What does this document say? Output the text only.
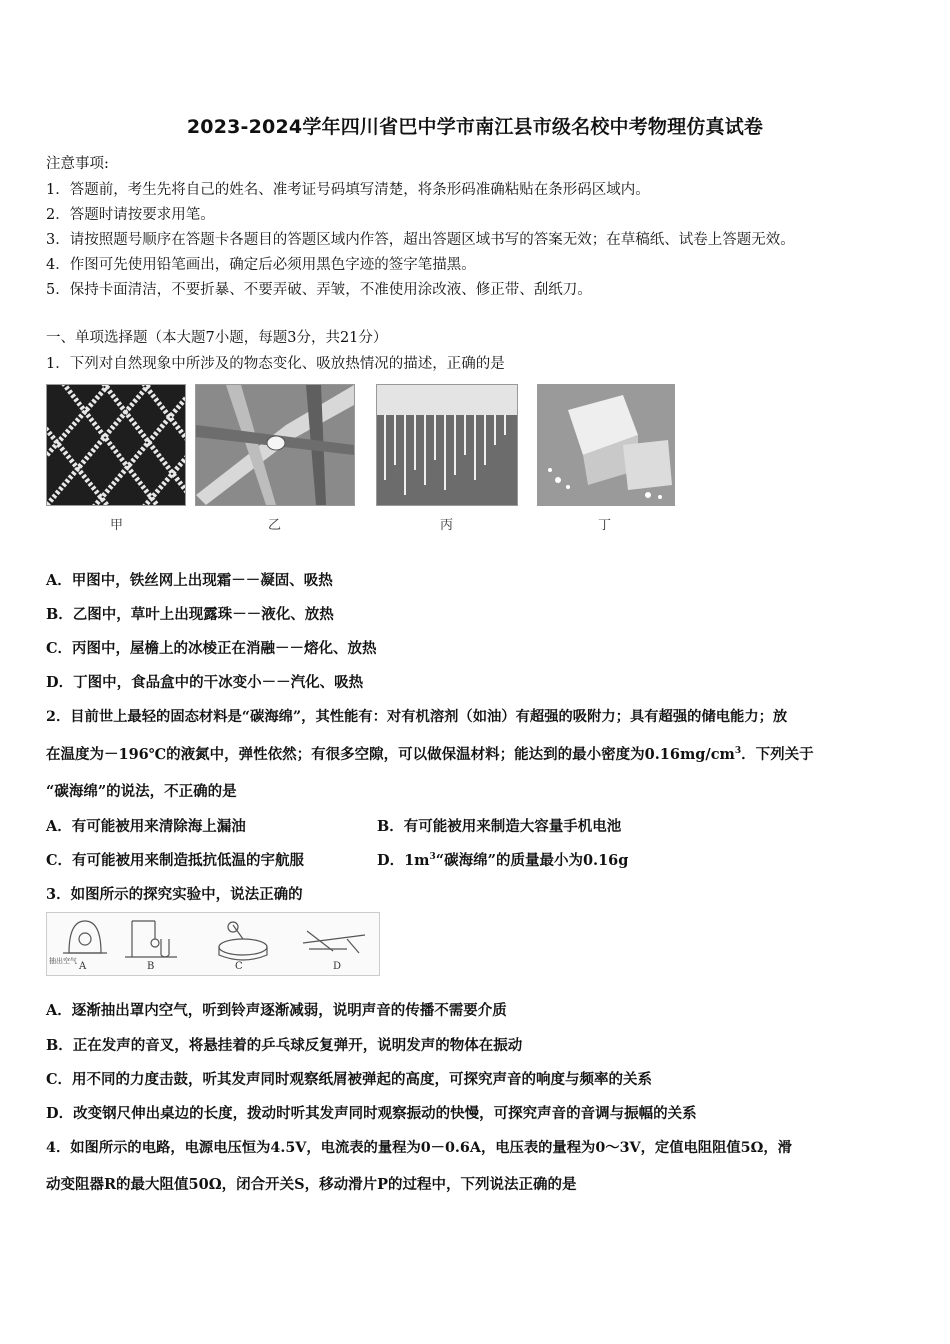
2023-2024学年四川省巴中学市南江县市级名校中考物理仿真试卷
注意事项:
1．答题前，考生先将自己的姓名、准考证号码填写清楚，将条形码准确粘贴在条形码区域内。
2．答题时请按要求用笔。
3．请按照题号顺序在答题卡各题目的答题区域内作答，超出答题区域书写的答案无效；在草稿纸、试卷上答题无效。
4．作图可先使用铅笔画出，确定后必须用黑色字迹的签字笔描黑。
5．保持卡面清洁，不要折暴、不要弄破、弄皱，不准使用涂改液、修正带、刮纸刀。
一、单项选择题（本大题7小题，每题3分，共21分）
1．下列对自然现象中所涉及的物态变化、吸放热情况的描述，正确的是
甲	乙	丙	丁
A．甲图中，铁丝网上出现霜－－凝固、吸热
B．乙图中，草叶上出现露珠－－液化、放热
C．丙图中，屋檐上的冰棱正在消融－－熔化、放热
D．丁图中，食品盒中的干冰变小－－汽化、吸热
2．目前世上最轻的固态材料是“碳海绵”，其性能有：对有机溶剂（如油）有超强的吸附力；具有超强的储电能力；放
在温度为－196℃的液氮中，弹性依然；有很多空隙，可以做保温材料；能达到的最小密度为$0.16mg/cm^3$．下列关于
“碳海绵”的说法，不正确的是
A．有可能被用来清除海上漏油	B．有可能被用来制造大容量手机电池
C．有可能被用来制造抵抗低温的宇航服	D．$1m^3“$碳海绵”的质量最小为0.16g
3．如图所示的探究实验中，说法正确的
抽出空气 A	B	C	D
A．逐渐抽出罩内空气，听到铃声逐渐减弱，说明声音的传播不需要介质
B．正在发声的音叉，将悬挂着的乒乓球反复弹开，说明发声的物体在振动
C．用不同的力度击鼓，听其发声同时观察纸屑被弹起的高度，可探究声音的响度与频率的关系
D．改变钢尺伸出桌边的长度，拨动时听其发声同时观察振动的快慢，可探究声音的音调与振幅的关系
4．如图所示的电路，电源电压恒为4.5V，电流表的量程为0－0.6A，电压表的量程为0～3V，定值电阻阻值5Ω，滑
动变阻器R的最大阻值50Ω，闭合开关S，移动滑片P的过程中，下列说法正确的是
